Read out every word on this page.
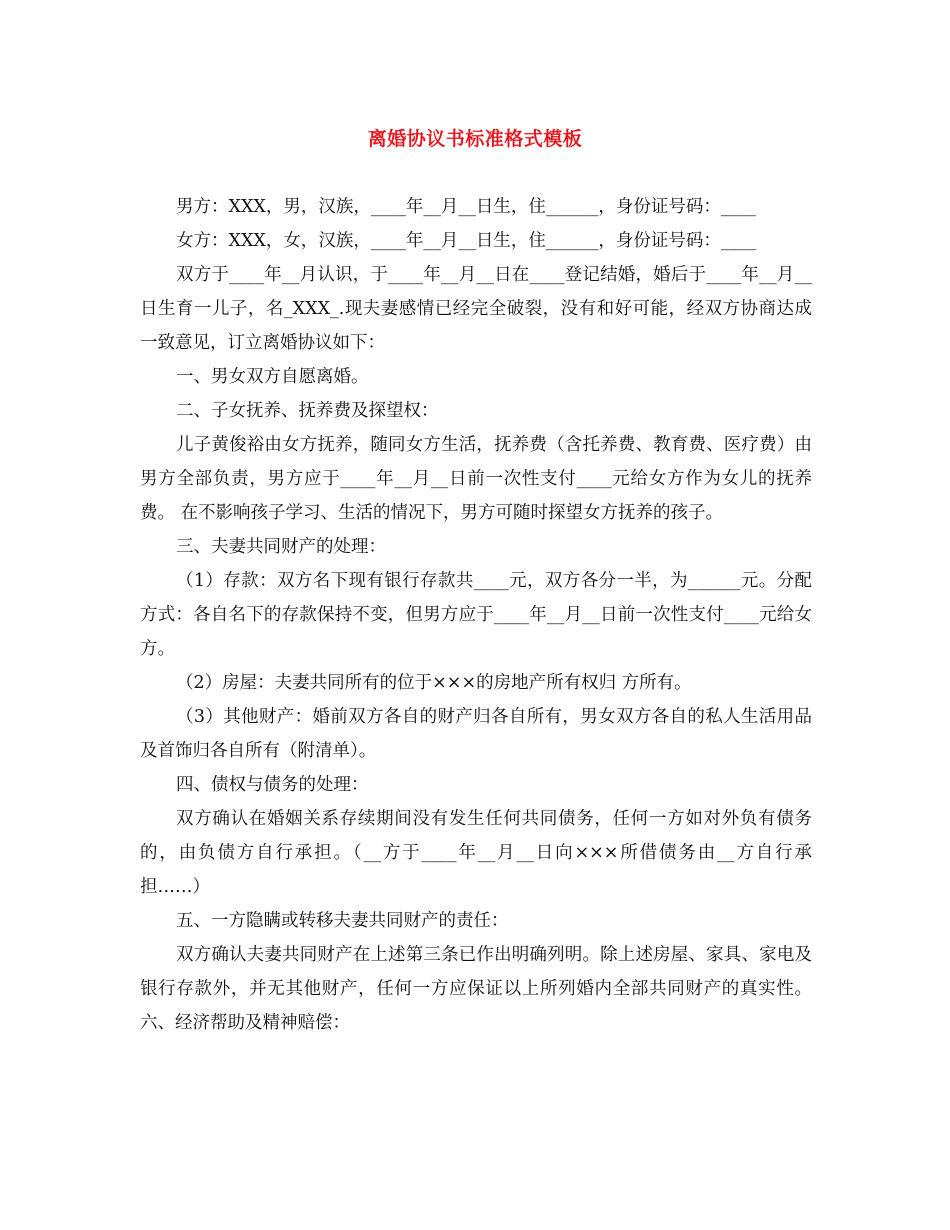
离婚协议书标准格式模板

男方：XXX，男，汉族，____年__月__日生，住______，身份证号码：____

女方：XXX，女，汉族，____年__月__日生，住______，身份证号码：____

双方于____年__月认识，于____年__月__日在____登记结婚，婚后于____年__月__日生育一儿子，名_XXX_.现夫妻感情已经完全破裂，没有和好可能，经双方协商达成一致意见，订立离婚协议如下：

一、男女双方自愿离婚。

二、子女抚养、抚养费及探望权：

儿子黄俊裕由女方抚养，随同女方生活，抚养费（含托养费、教育费、医疗费）由男方全部负责，男方应于____年__月__日前一次性支付____元给女方作为女儿的抚养费。 在不影响孩子学习、生活的情况下，男方可随时探望女方抚养的孩子。

三、夫妻共同财产的处理：

（1）存款：双方名下现有银行存款共____元，双方各分一半，为______元。分配方式：各自名下的存款保持不变，但男方应于____年__月__日前一次性支付____元给女方。

（2）房屋：夫妻共同所有的位于×××的房地产所有权归 方所有。

（3）其他财产：婚前双方各自的财产归各自所有，男女双方各自的私人生活用品及首饰归各自所有（附清单）。

四、债权与债务的处理：

双方确认在婚姻关系存续期间没有发生任何共同债务，任何一方如对外负有债务的，由负债方自行承担。（__方于____年__月__日向×××所借债务由__方自行承担……）

五、一方隐瞒或转移夫妻共同财产的责任：

双方确认夫妻共同财产在上述第三条已作出明确列明。除上述房屋、家具、家电及银行存款外，并无其他财产，任何一方应保证以上所列婚内全部共同财产的真实性。 六、经济帮助及精神赔偿：
